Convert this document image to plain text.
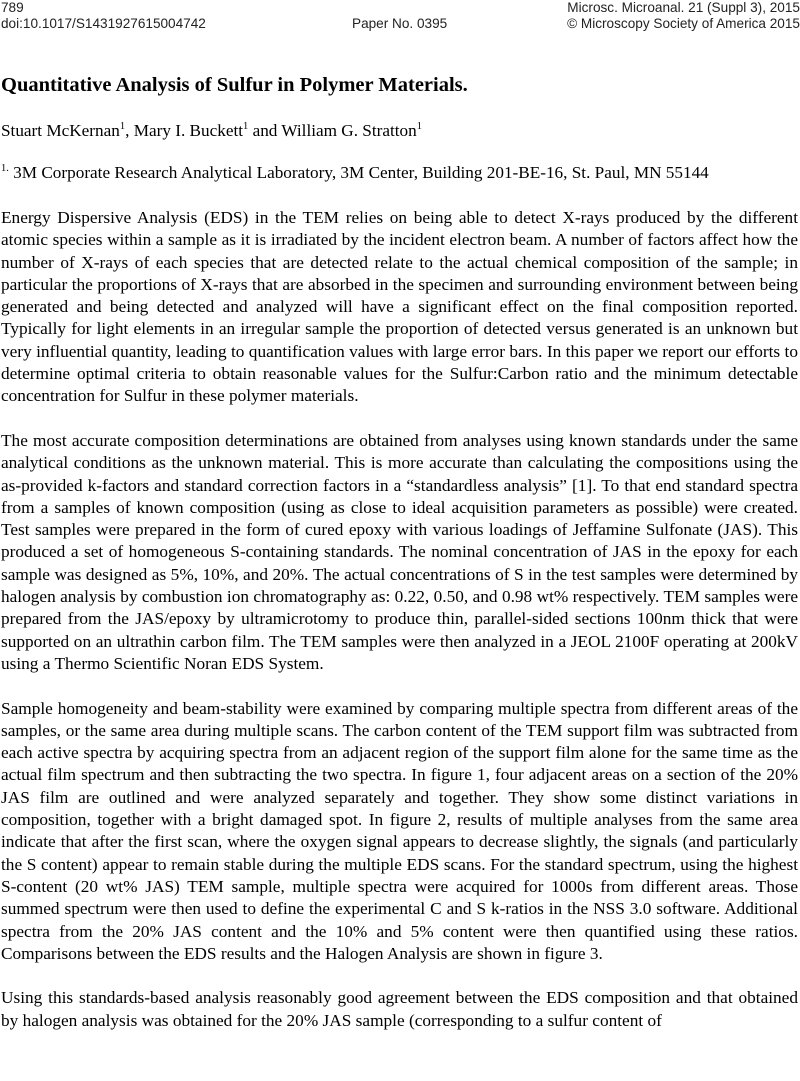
789	Microsc. Microanal. 21 (Suppl 3), 2015
doi:10.1017/S1431927615004742	Paper No. 0395	© Microscopy Society of America 2015
Quantitative Analysis of Sulfur in Polymer Materials.
Stuart McKernan$^1$, Mary I. Buckett$^1$ and William G. Stratton$^1$
$^{1.}$ 3M Corporate Research Analytical Laboratory, 3M Center, Building 201-BE-16, St. Paul, MN 55144

Energy Dispersive Analysis (EDS) in the TEM relies on being able to detect X-rays produced by the different atomic species within a sample as it is irradiated by the incident electron beam. A number of factors affect how the number of X-rays of each species that are detected relate to the actual chemical composition of the sample; in particular the proportions of X-rays that are absorbed in the specimen and surrounding environment between being generated and being detected and analyzed will have a significant effect on the final composition reported. Typically for light elements in an irregular sample the proportion of detected versus generated is an unknown but very influential quantity, leading to quantification values with large error bars. In this paper we report our efforts to determine optimal criteria to obtain reasonable values for the Sulfur:Carbon ratio and the minimum detectable concentration for Sulfur in these polymer materials.

The most accurate composition determinations are obtained from analyses using known standards under the same analytical conditions as the unknown material. This is more accurate than calculating the compositions using the as-provided k-factors and standard correction factors in a “standardless analysis” [1]. To that end standard spectra from a samples of known composition (using as close to ideal acquisition parameters as possible) were created. Test samples were prepared in the form of cured epoxy with various loadings of Jeffamine Sulfonate (JAS). This produced a set of homogeneous S-containing standards. The nominal concentration of JAS in the epoxy for each sample was designed as 5%, 10%, and 20%. The actual concentrations of S in the test samples were determined by halogen analysis by combustion ion chromatography as: 0.22, 0.50, and 0.98 wt% respectively. TEM samples were prepared from the JAS/epoxy by ultramicrotomy to produce thin, parallel-sided sections 100nm thick that were supported on an ultrathin carbon film. The TEM samples were then analyzed in a JEOL 2100F operating at 200kV using a Thermo Scientific Noran EDS System.

Sample homogeneity and beam-stability were examined by comparing multiple spectra from different areas of the samples, or the same area during multiple scans. The carbon content of the TEM support film was subtracted from each active spectra by acquiring spectra from an adjacent region of the support film alone for the same time as the actual film spectrum and then subtracting the two spectra. In figure 1, four adjacent areas on a section of the 20% JAS film are outlined and were analyzed separately and together. They show some distinct variations in composition, together with a bright damaged spot. In figure 2, results of multiple analyses from the same area indicate that after the first scan, where the oxygen signal appears to decrease slightly, the signals (and particularly the S content) appear to remain stable during the multiple EDS scans. For the standard spectrum, using the highest S-content (20 wt% JAS) TEM sample, multiple spectra were acquired for 1000s from different areas. Those summed spectrum were then used to define the experimental C and S k-ratios in the NSS 3.0 software. Additional spectra from the 20% JAS content and the 10% and 5% content were then quantified using these ratios. Comparisons between the EDS results and the Halogen Analysis are shown in figure 3.

Using this standards-based analysis reasonably good agreement between the EDS composition and that obtained by halogen analysis was obtained for the 20% JAS sample (corresponding to a sulfur content of
